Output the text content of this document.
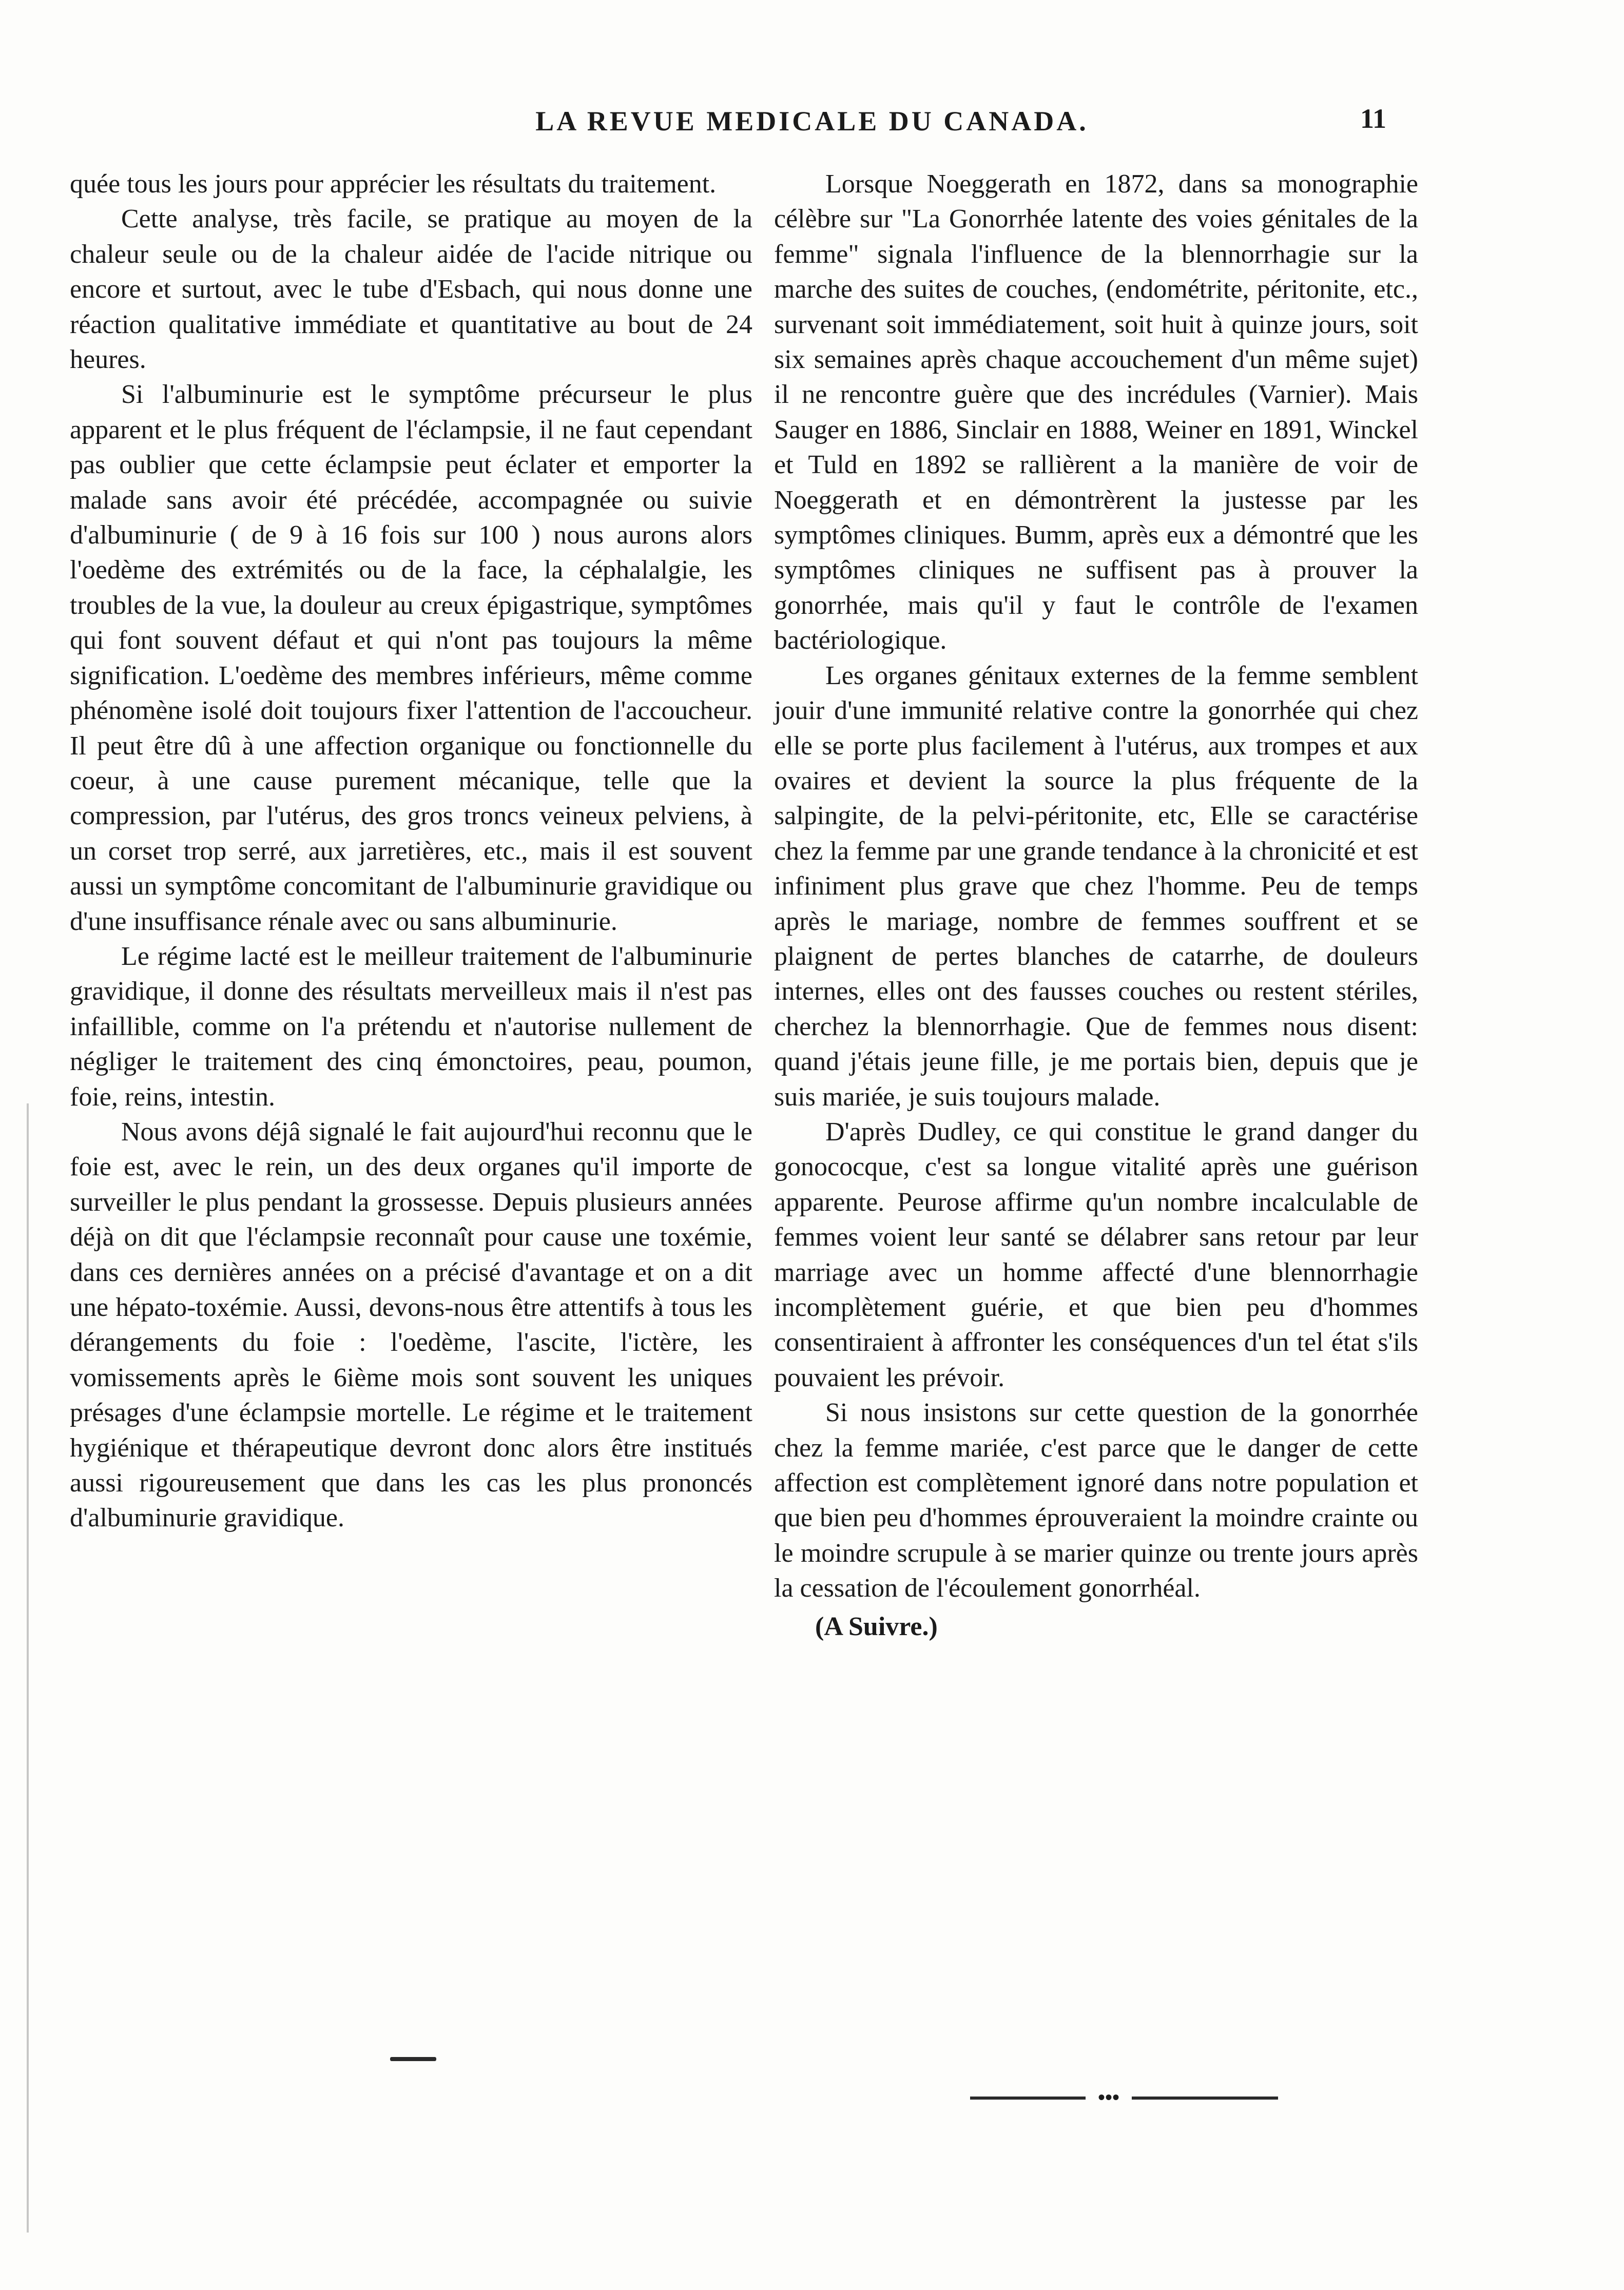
LA REVUE MEDICALE DU CANADA.	11

quée tous les jours pour apprécier les résultats du traitement.

Cette analyse, très facile, se pratique au moyen de la chaleur seule ou de la chaleur aidée de l'acide nitrique ou encore et surtout, avec le tube d'Esbach, qui nous donne une réaction qualitative immédiate et quantitative au bout de 24 heures.

Si l'albuminurie est le symptôme précurseur le plus apparent et le plus fréquent de l'éclampsie, il ne faut cependant pas oublier que cette éclampsie peut éclater et emporter la malade sans avoir été précédée, accompagnée ou suivie d'albuminurie ( de 9 à 16 fois sur 100 ) nous aurons alors l'oedème des extrémités ou de la face, la céphalalgie, les troubles de la vue, la douleur au creux épigastrique, symptômes qui font souvent défaut et qui n'ont pas toujours la même signification. L'oedème des membres inférieurs, même comme phénomène isolé doit toujours fixer l'attention de l'accoucheur. Il peut être dû à une affection organique ou fonctionnelle du coeur, à une cause purement mécanique, telle que la compression, par l'utérus, des gros troncs veineux pelviens, à un corset trop serré, aux jarretières, etc., mais il est souvent aussi un symptôme concomitant de l'albuminurie gravidique ou d'une insuffisance rénale avec ou sans albuminurie.

Le régime lacté est le meilleur traitement de l'albuminurie gravidique, il donne des résultats merveilleux mais il n'est pas infaillible, comme on l'a prétendu et n'autorise nullement de négliger le traitement des cinq émonctoires, peau, poumon, foie, reins, intestin.

Nous avons déjâ signalé le fait aujourd'hui reconnu que le foie est, avec le rein, un des deux organes qu'il importe de surveiller le plus pendant la grossesse. Depuis plusieurs années déjà on dit que l'éclampsie reconnaît pour cause une toxémie, dans ces dernières années on a précisé d'avantage et on a dit une hépato-toxémie. Aussi, devons-nous être attentifs à tous les dérangements du foie : l'oedème, l'ascite, l'ictère, les vomissements après le 6ième mois sont souvent les uniques présages d'une éclampsie mortelle. Le régime et le traitement hygiénique et thérapeutique devront donc alors être institués aussi rigoureusement que dans les cas les plus prononcés d'albuminurie gravidique.

Lorsque Noeggerath en 1872, dans sa monographie célèbre sur "La Gonorrhée latente des voies génitales de la femme" signala l'influence de la blennorrhagie sur la marche des suites de couches, (endométrite, péritonite, etc., survenant soit immédiatement, soit huit à quinze jours, soit six semaines après chaque accouchement d'un même sujet) il ne rencontre guère que des incrédules (Varnier). Mais Sauger en 1886, Sinclair en 1888, Weiner en 1891, Winckel et Tuld en 1892 se rallièrent a la manière de voir de Noeggerath et en démontrèrent la justesse par les symptômes cliniques. Bumm, après eux a démontré que les symptômes cliniques ne suffisent pas à prouver la gonorrhée, mais qu'il y faut le contrôle de l'examen bactériologique.

Les organes génitaux externes de la femme semblent jouir d'une immunité relative contre la gonorrhée qui chez elle se porte plus facilement à l'utérus, aux trompes et aux ovaires et devient la source la plus fréquente de la salpingite, de la pelvi-péritonite, etc, Elle se caractérise chez la femme par une grande tendance à la chronicité et est infiniment plus grave que chez l'homme. Peu de temps après le mariage, nombre de femmes souffrent et se plaignent de pertes blanches de catarrhe, de douleurs internes, elles ont des fausses couches ou restent stériles, cherchez la blennorrhagie. Que de femmes nous disent: quand j'étais jeune fille, je me portais bien, depuis que je suis mariée, je suis toujours malade.

D'après Dudley, ce qui constitue le grand danger du gonococque, c'est sa longue vitalité après une guérison apparente. Peurose affirme qu'un nombre incalculable de femmes voient leur santé se délabrer sans retour par leur marriage avec un homme affecté d'une blennorrhagie incomplètement guérie, et que bien peu d'hommes consentiraient à affronter les conséquences d'un tel état s'ils pouvaient les prévoir.

Si nous insistons sur cette question de la gonorrhée chez la femme mariée, c'est parce que le danger de cette affection est complètement ignoré dans notre population et que bien peu d'hommes éprouveraient la moindre crainte ou le moindre scrupule à se marier quinze ou trente jours après la cessation de l'écoulement gonorrhéal.

(A Suivre.)
•••
